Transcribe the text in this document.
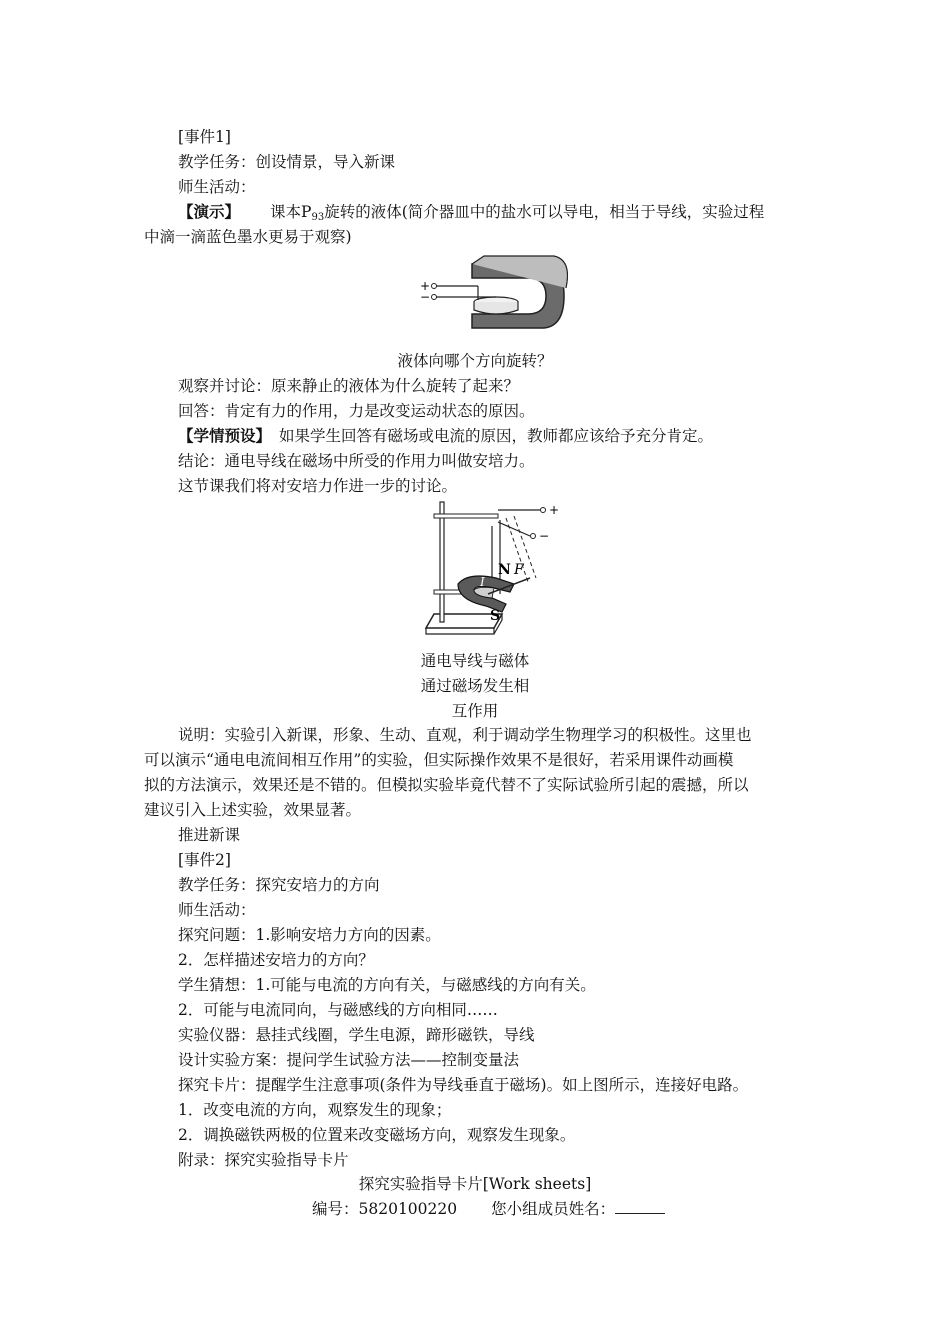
[事件1]
教学任务：创设情景，导入新课
师生活动：
【演示】 课本$P_{93}$旋转的液体(简介器皿中的盐水可以导电，相当于导线，实验过程
中滴一滴蓝色墨水更易于观察)
+
−
液体向哪个方向旋转？
观察并讨论：原来静止的液体为什么旋转了起来？
回答：肯定有力的作用，力是改变运动状态的原因。
【学情预设】 如果学生回答有磁场或电流的原因，教师都应该给予充分肯定。
结论：通电导线在磁场中所受的作用力叫做安培力。
这节课我们将对安培力作进一步的讨论。
+
−
N F
I
S
通电导线与磁体
通过磁场发生相
互作用
说明：实验引入新课，形象、生动、直观，利于调动学生物理学习的积极性。这里也
可以演示“通电电流间相互作用”的实验，但实际操作效果不是很好，若采用课件动画模
拟的方法演示，效果还是不错的。但模拟实验毕竟代替不了实际试验所引起的震撼，所以
建议引入上述实验，效果显著。
推进新课
[事件2]
教学任务：探究安培力的方向
师生活动：
探究问题：1.影响安培力方向的因素。
2．怎样描述安培力的方向？
学生猜想：1.可能与电流的方向有关，与磁感线的方向有关。
2．可能与电流同向，与磁感线的方向相同……
实验仪器：悬挂式线圈，学生电源，蹄形磁铁，导线
设计实验方案：提问学生试验方法——控制变量法
探究卡片：提醒学生注意事项(条件为导线垂直于磁场)。如上图所示，连接好电路。
1．改变电流的方向，观察发生的现象；
2．调换磁铁两极的位置来改变磁场方向，观察发生现象。
附录：探究实验指导卡片
探究实验指导卡片[Work sheets]
编号：5820100220 您小组成员姓名：
